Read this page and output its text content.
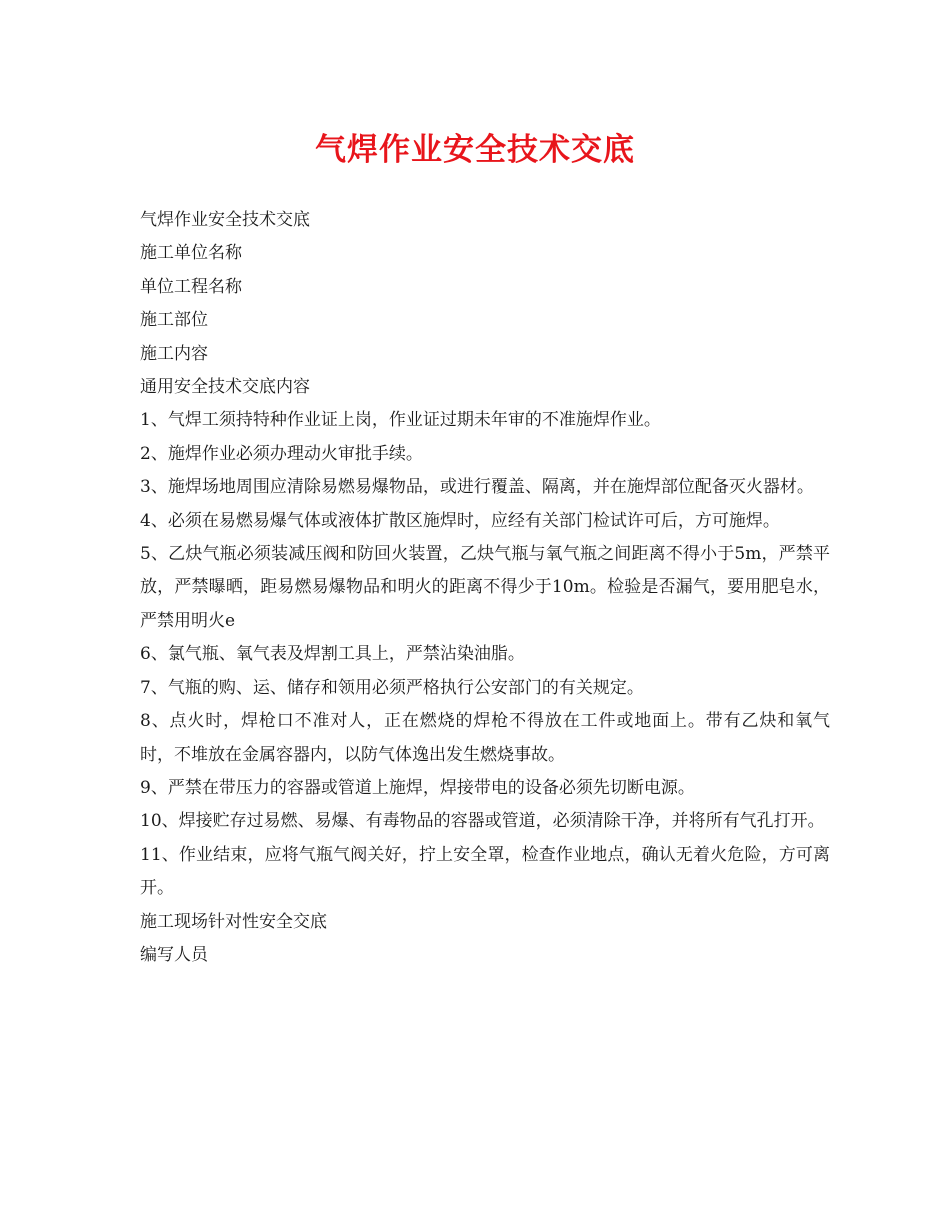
气焊作业安全技术交底
气焊作业安全技术交底
施工单位名称
单位工程名称
施工部位
施工内容
通用安全技术交底内容

1、气焊工须持特种作业证上岗，作业证过期未年审的不准施焊作业。

2、施焊作业必须办理动火审批手续。

3、施焊场地周围应清除易燃易爆物品，或进行覆盖、隔离，并在施焊部位配备灭火器材。

4、必须在易燃易爆气体或液体扩散区施焊时，应经有关部门检试许可后，方可施焊。

5、乙炔气瓶必须装减压阀和防回火装置，乙炔气瓶与氧气瓶之间距离不得小于5m，严禁平放，严禁曝晒，距易燃易爆物品和明火的距离不得少于10m。检验是否漏气，要用肥皂水，严禁用明火e

6、氯气瓶、氧气表及焊割工具上，严禁沾染油脂。

7、气瓶的购、运、储存和领用必须严格执行公安部门的有关规定。

8、点火时，焊枪口不准对人，正在燃烧的焊枪不得放在工件或地面上。带有乙炔和氧气时，不堆放在金属容器内，以防气体逸出发生燃烧事故。

9、严禁在带压力的容器或管道上施焊，焊接带电的设备必须先切断电源。

10、焊接贮存过易燃、易爆、有毒物品的容器或管道，必须清除干净，并将所有气孔打开。

11、作业结束，应将气瓶气阀关好，拧上安全罩，检查作业地点，确认无着火危险，方可离开。

施工现场针对性安全交底
编写人员
